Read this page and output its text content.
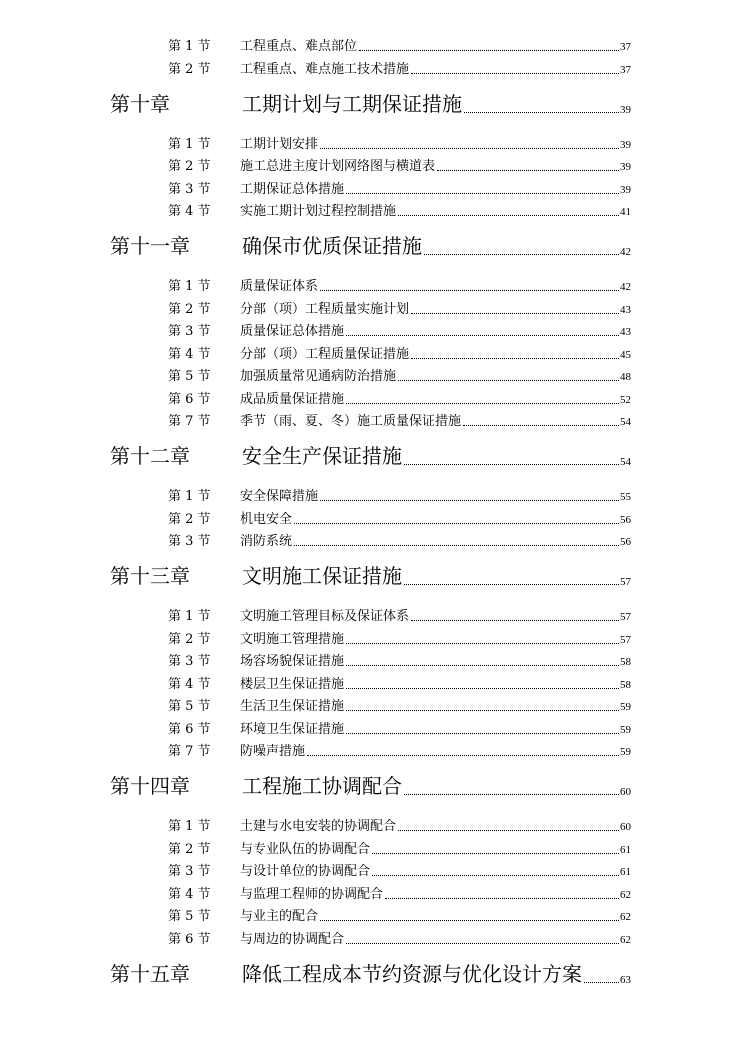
第 1 节	工程重点、难点部位	37
第 2 节	工程重点、难点施工技术措施	37
第十章	工期计划与工期保证措施	39
第 1 节	工期计划安排	39
第 2 节	施工总进主度计划网络图与横道表	39
第 3 节	工期保证总体措施	39
第 4 节	实施工期计划过程控制措施	41
第十一章	确保市优质保证措施	42
第 1 节	质量保证体系	42
第 2 节	分部（项）工程质量实施计划	43
第 3 节	质量保证总体措施	43
第 4 节	分部（项）工程质量保证措施	45
第 5 节	加强质量常见通病防治措施	48
第 6 节	成品质量保证措施	52
第 7 节	季节（雨、夏、冬）施工质量保证措施	54
第十二章	安全生产保证措施	54
第 1 节	安全保障措施	55
第 2 节	机电安全	56
第 3 节	消防系统	56
第十三章	文明施工保证措施	57
第 1 节	文明施工管理目标及保证体系	57
第 2 节	文明施工管理措施	57
第 3 节	场容场貌保证措施	58
第 4 节	楼层卫生保证措施	58
第 5 节	生活卫生保证措施	59
第 6 节	环境卫生保证措施	59
第 7 节	防噪声措施	59
第十四章	工程施工协调配合	60
第 1 节	土建与水电安装的协调配合	60
第 2 节	与专业队伍的协调配合	61
第 3 节	与设计单位的协调配合	61
第 4 节	与监理工程师的协调配合	62
第 5 节	与业主的配合	62
第 6 节	与周边的协调配合	62
第十五章	降低工程成本节约资源与优化设计方案	63
